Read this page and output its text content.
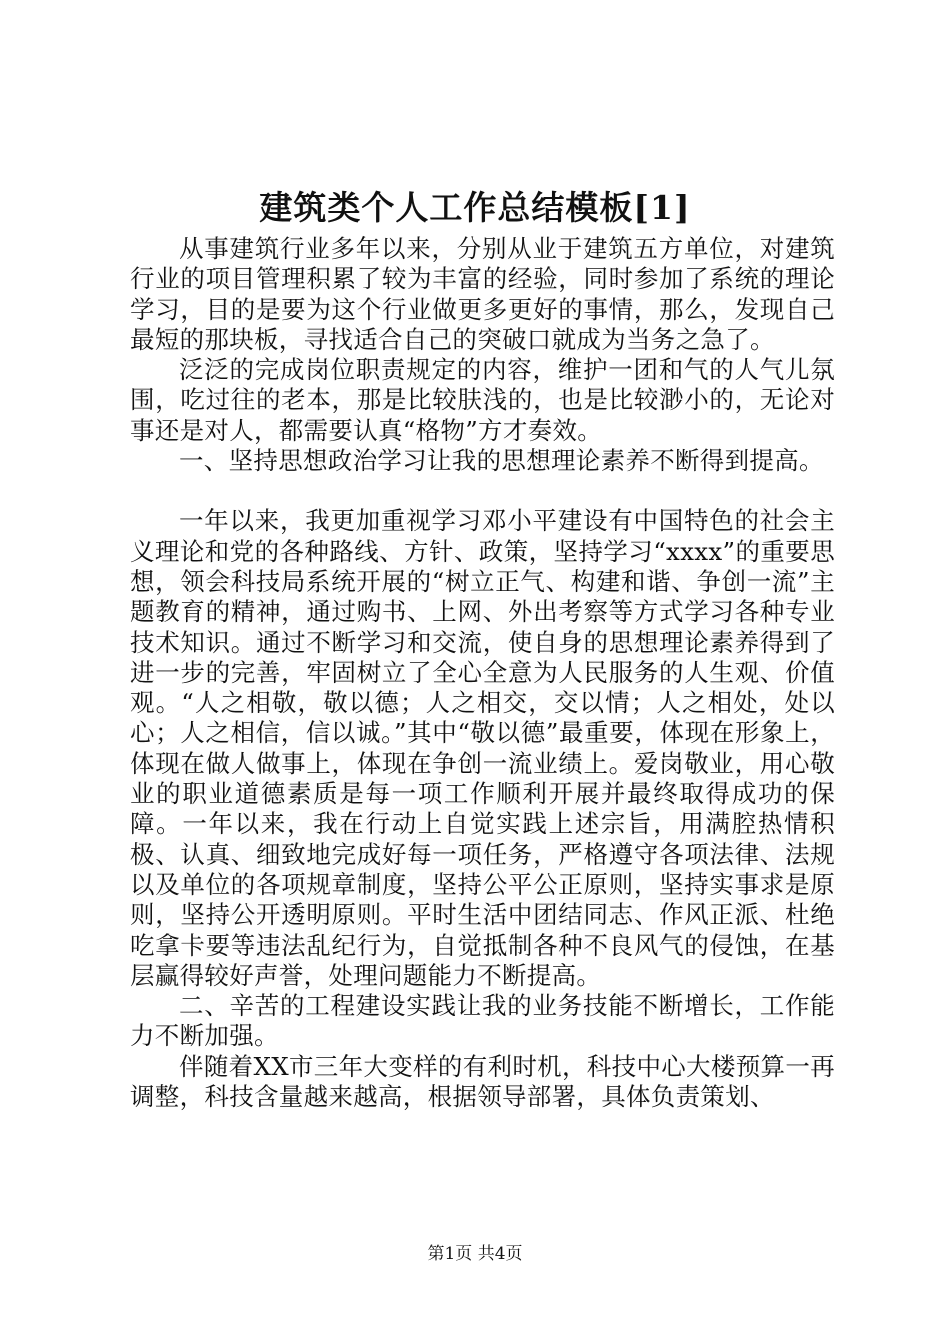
建筑类个人工作总结模板[1]

从事建筑行业多年以来，分别从业于建筑五方单位，对建筑行业的项目管理积累了较为丰富的经验，同时参加了系统的理论学习，目的是要为这个行业做更多更好的事情，那么，发现自己最短的那块板，寻找适合自己的突破口就成为当务之急了。

泛泛的完成岗位职责规定的内容，维护一团和气的人气儿氛围，吃过往的老本，那是比较肤浅的，也是比较渺小的，无论对事还是对人，都需要认真“格物”方才奏效。

一、坚持思想政治学习让我的思想理论素养不断得到提高。

一年以来，我更加重视学习邓小平建设有中国特色的社会主义理论和党的各种路线、方针、政策，坚持学习“xxxx”的重要思想，领会科技局系统开展的“树立正气、构建和谐、争创一流”主题教育的精神，通过购书、上网、外出考察等方式学习各种专业技术知识。通过不断学习和交流，使自身的思想理论素养得到了进一步的完善，牢固树立了全心全意为人民服务的人生观、价值观。“人之相敬，敬以德；人之相交，交以情；人之相处，处以心；人之相信，信以诚。”其中“敬以德”最重要，体现在形象上，体现在做人做事上，体现在争创一流业绩上。爱岗敬业，用心敬业的职业道德素质是每一项工作顺利开展并最终取得成功的保障。一年以来，我在行动上自觉实践上述宗旨，用满腔热情积极、认真、细致地完成好每一项任务，严格遵守各项法律、法规以及单位的各项规章制度，坚持公平公正原则，坚持实事求是原则，坚持公开透明原则。平时生活中团结同志、作风正派、杜绝吃拿卡要等违法乱纪行为，自觉抵制各种不良风气的侵蚀，在基层赢得较好声誉，处理问题能力不断提高。

二、辛苦的工程建设实践让我的业务技能不断增长，工作能力不断加强。

伴随着XX市三年大变样的有利时机，科技中心大楼预算一再调整，科技含量越来越高，根据领导部署，具体负责策划、

第1页 共4页
